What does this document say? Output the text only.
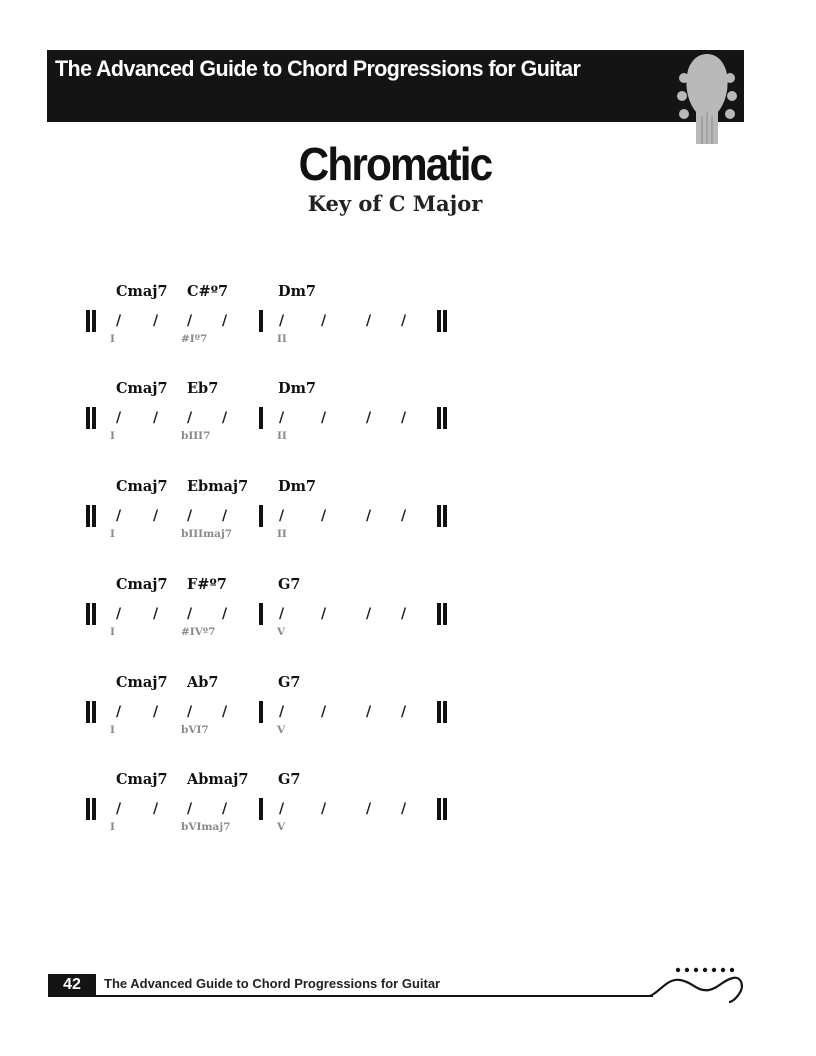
The Advanced Guide to Chord Progressions for Guitar
Chromatic
Key of C Major
Cmaj7 C#º7	Dm7
/ / / /	/	/	/ /
I	#Iº7	II
Cmaj7 Eb7	Dm7
/ / / /	/	/	/ /
I	bIII7	II
Cmaj7 Ebmaj7 Dm7
/ / / /	/	/	/ /
I	bIIImaj7	II
Cmaj7 F#º7	G7
/ / / /	/	/	/ /
I	#IVº7	V
Cmaj7 Ab7	G7
/ / / /	/	/	/ /
I	bVI7	V
Cmaj7 Abmaj7 G7
/ / / /	/	/	/ /
I	bVImaj7	V
42	The Advanced Guide to Chord Progressions for Guitar
